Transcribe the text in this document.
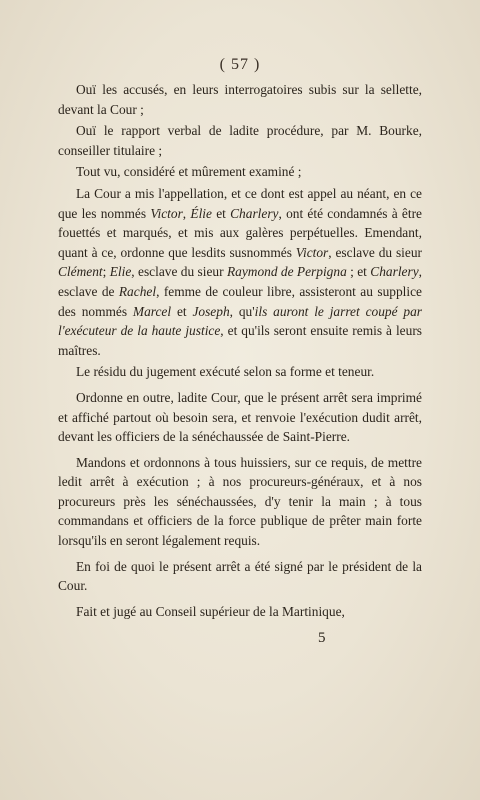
( 57 )

Ouï les accusés, en leurs interrogatoires subis sur la sellette, devant la Cour ;

Ouï le rapport verbal de ladite procédure, par M. Bourke, conseiller titulaire ;

Tout vu, considéré et mûrement examiné ;

La Cour a mis l'appellation, et ce dont est appel au néant, en ce que les nommés Victor, Élie et Charlery, ont été condamnés à être fouettés et marqués, et mis aux galères perpétuelles. Emendant, quant à ce, ordonne que lesdits susnommés Victor, esclave du sieur Clément; Elie, esclave du sieur Raymond de Perpigna ; et Charlery, esclave de Rachel, femme de couleur libre, assisteront au supplice des nommés Marcel et Joseph, qu'ils auront le jarret coupé par l'exécuteur de la haute justice, et qu'ils seront ensuite remis à leurs maîtres.

Le résidu du jugement exécuté selon sa forme et teneur.

Ordonne en outre, ladite Cour, que le présent arrêt sera imprimé et affiché partout où besoin sera, et renvoie l'exécution dudit arrêt, devant les officiers de la sénéchaussée de Saint-Pierre.

Mandons et ordonnons à tous huissiers, sur ce requis, de mettre ledit arrêt à exécution ; à nos procureurs-généraux, et à nos procureurs près les sénéchaussées, d'y tenir la main ; à tous commandans et officiers de la force publique de prêter main forte lorsqu'ils en seront légalement requis.

En foi de quoi le présent arrêt a été signé par le président de la Cour.

Fait et jugé au Conseil supérieur de la Martinique,

5
